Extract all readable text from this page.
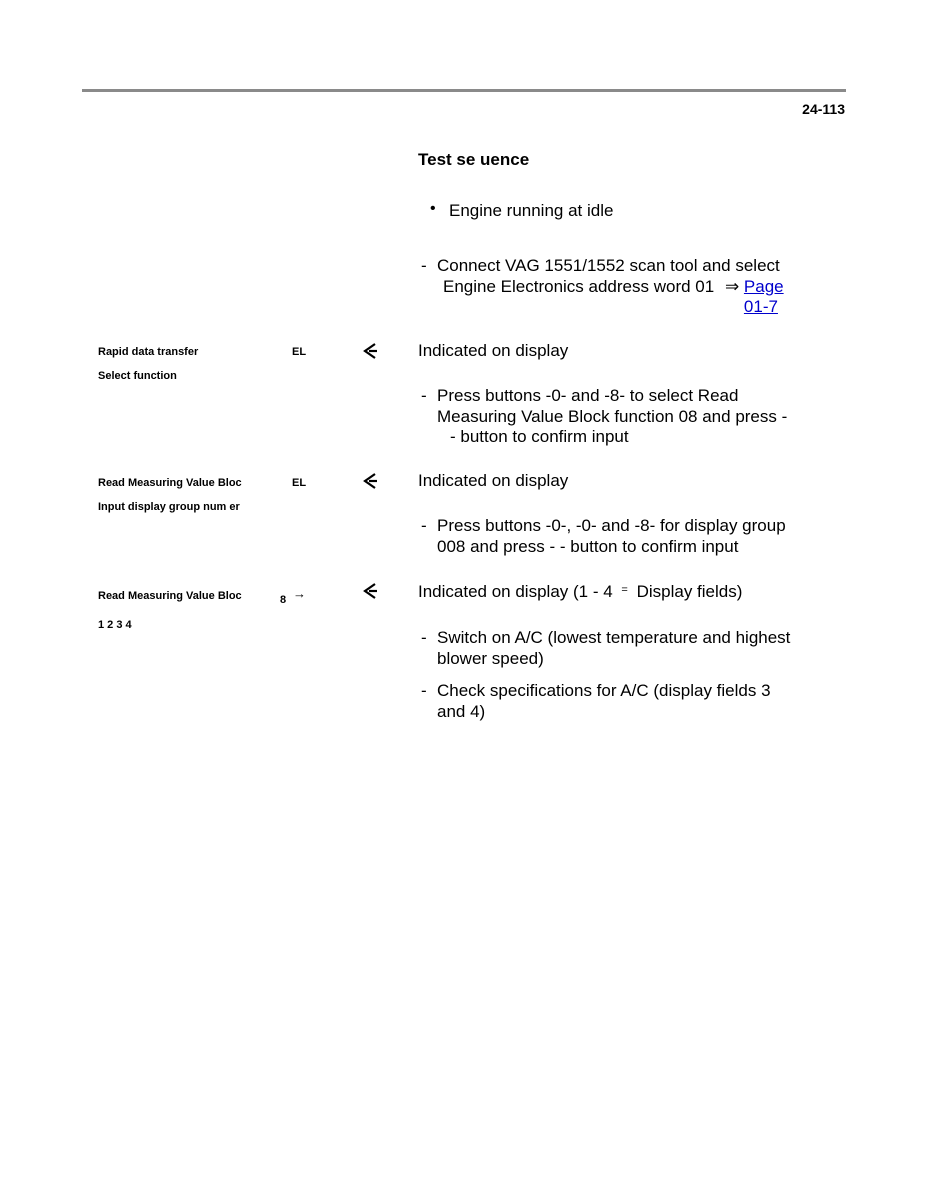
24-113
Test se uence
• Engine running at idle
- Connect VAG 1551/1552 scan tool and select
Engine Electronics address word 01 ⇒ Page 01-7
Rapid data transfer	EL
Select function
Indicated on display
- Press buttons -0- and -8- to select Read
Measuring Value Block function 08 and press -
- button to confirm input
Read Measuring Value Bloc	EL
Input display group num er
Indicated on display
- Press buttons -0-, -0- and -8- for display group
008 and press - - button to confirm input
Read Measuring Value Bloc	8 →
1 2 3 4
Indicated on display (1 - 4 = Display fields)
- Switch on A/C (lowest temperature and highest
blower speed)
- Check specifications for A/C (display fields 3
and 4)
